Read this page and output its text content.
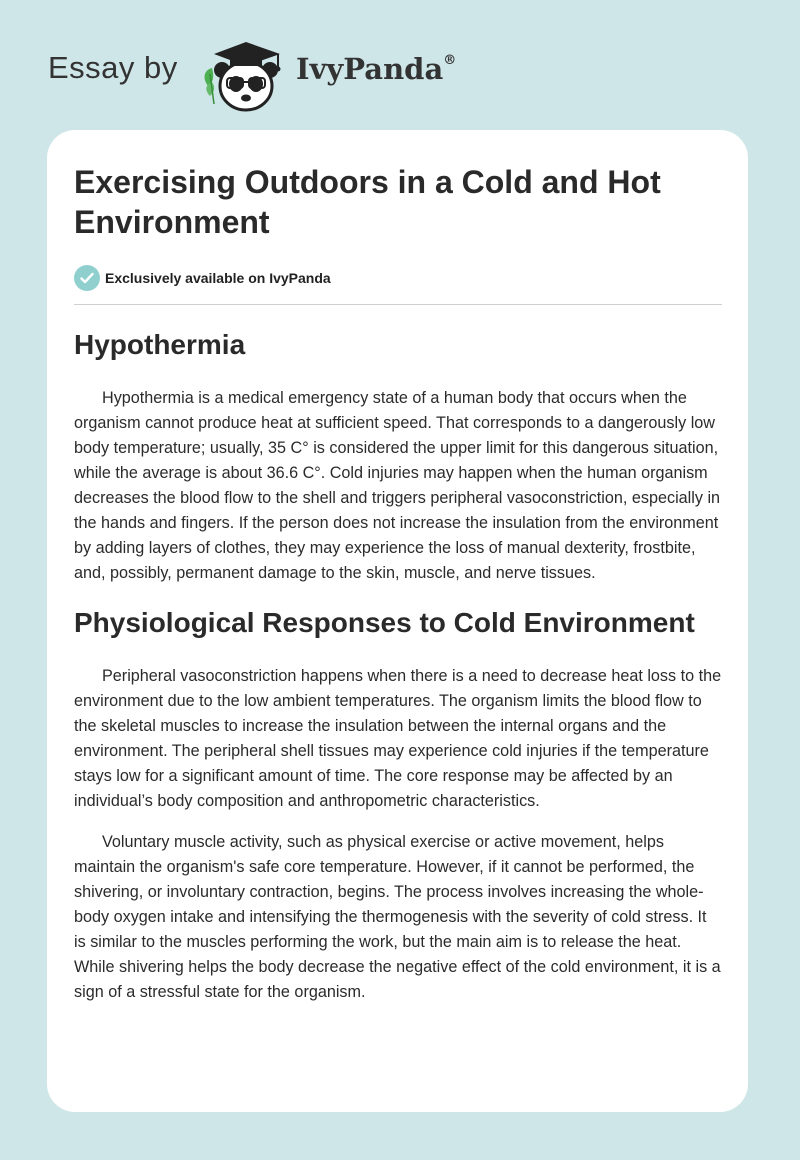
Essay by	IvyPanda®
Exercising Outdoors in a Cold and Hot Environment
Exclusively available on IvyPanda
Hypothermia

Hypothermia is a medical emergency state of a human body that occurs when the organism cannot produce heat at sufficient speed. That corresponds to a dangerously low body temperature; usually, 35 C° is considered the upper limit for this dangerous situation, while the average is about 36.6 C°. Cold injuries may happen when the human organism decreases the blood flow to the shell and triggers peripheral vasoconstriction, especially in the hands and fingers. If the person does not increase the insulation from the environment by adding layers of clothes, they may experience the loss of manual dexterity, frostbite, and, possibly, permanent damage to the skin, muscle, and nerve tissues.

Physiological Responses to Cold Environment

Peripheral vasoconstriction happens when there is a need to decrease heat loss to the environment due to the low ambient temperatures. The organism limits the blood flow to the skeletal muscles to increase the insulation between the internal organs and the environment. The peripheral shell tissues may experience cold injuries if the temperature stays low for a significant amount of time. The core response may be affected by an individual’s body composition and anthropometric characteristics.

Voluntary muscle activity, such as physical exercise or active movement, helps maintain the organism's safe core temperature. However, if it cannot be performed, the shivering, or involuntary contraction, begins. The process involves increasing the whole-body oxygen intake and intensifying the thermogenesis with the severity of cold stress. It is similar to the muscles performing the work, but the main aim is to release the heat. While shivering helps the body decrease the negative effect of the cold environment, it is a sign of a stressful state for the organism.
